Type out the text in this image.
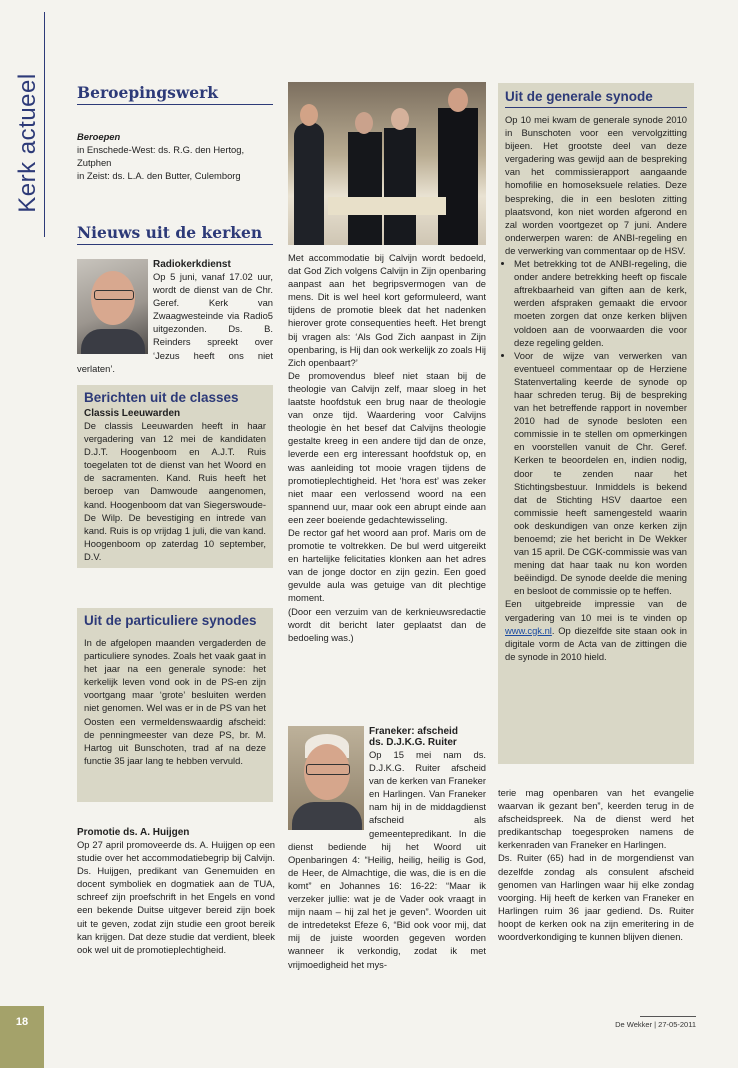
Kerk actueel Beroepingswerk

Beroepen

in Enschede-West: ds. R.G. den Hertog, Zutphen

in Zeist: ds. L.A. den Butter, Culemborg

Nieuws uit de kerken

Radiokerkdienst

Op 5 juni, vanaf 17.02 uur, wordt de dienst van de Chr. Geref. Kerk van Zwaagwesteinde via Radio5 uitgezonden. Ds. B. Reinders spreekt over ‘Jezus heeft ons niet verlaten’.

Berichten uit de classes

Classis Leeuwarden

De classis Leeuwarden heeft in haar vergadering van 12 mei de kandidaten D.J.T. Hoogenboom en A.J.T. Ruis toegelaten tot de dienst van het Woord en de sacramenten. Kand. Ruis heeft het beroep van Damwoude aangenomen, kand. Hoogenboom dat van Siegerswoude-De Wilp. De bevestiging en intrede van kand. Ruis is op vrijdag 1 juli, die van kand. Hoogenboom op zaterdag 10 september, D.V.

Uit de particuliere synodes

In de afgelopen maanden vergaderden de particuliere synodes. Zoals het vaak gaat in het jaar na een generale synode: het kerkelijk leven vond ook in de PS-en zijn voortgang maar ‘grote’ besluiten werden niet genomen. Wel was er in de PS van het Oosten een vermeldenswaardig afscheid: de penningmeester van deze PS, br. M. Hartog uit Bunschoten, trad af na deze functie 35 jaar lang te hebben vervuld.

Promotie ds. A. Huijgen

Op 27 april promoveerde ds. A. Huijgen op een studie over het accommodatiebegrip bij Calvijn. Ds. Huijgen, predikant van Genemuiden en docent symboliek en dogmatiek aan de TUA, schreef zijn proefschrift in het Engels en vond een bekende Duitse uitgever bereid zijn boek uit te geven, zodat zijn studie een groot bereik kan krijgen. Dat deze studie dat verdient, bleek ook wel uit de promotieplechtigheid.

Met accommodatie bij Calvijn wordt bedoeld, dat God Zich volgens Calvijn in Zijn openbaring aanpast aan het begripsvermogen van de mens. Dit is wel heel kort geformuleerd, want tijdens de promotie bleek dat het nadenken hierover grote consequenties heeft. Het brengt bij vragen als: ‘Als God Zich aanpast in Zijn openbaring, is Hij dan ook werkelijk zo zoals Hij Zich openbaart?’

De promovendus bleef niet staan bij de theologie van Calvijn zelf, maar sloeg in het laatste hoofdstuk een brug naar de theologie van onze tijd. Waardering voor Calvijns theologie èn het besef dat Calvijns theologie gestalte kreeg in een andere tijd dan de onze, leverde een erg interessant hoofdstuk op, en was aanleiding tot mooie vragen tijdens de promotieplechtigheid. Het ‘hora est’ was zeker niet maar een verlossend woord na een spannend uur, maar ook een abrupt einde aan een zeer boeiende gedachtewisseling.

De rector gaf het woord aan prof. Maris om de promotie te voltrekken. De bul werd uitgereikt en hartelijke felicitaties klonken aan het adres van de jonge doctor en zijn gezin. Een goed gevulde aula was getuige van dit plechtige moment.

(Door een verzuim van de kerknieuwsredactie wordt dit bericht later geplaatst dan de bedoeling was.)

Franeker: afscheid

ds. D.J.K.G. Ruiter

Op 15 mei nam ds. D.J.K.G. Ruiter afscheid van de kerken van Franeker en Harlingen. Van Franeker nam hij in de middagdienst afscheid als gemeentepredikant. In die dienst bediende hij het Woord uit Openbaringen 4: “Heilig, heilig, heilig is God, de Heer, de Almachtige, die was, die is en die komt” en Johannes 16: 16-22: “Maar ik verzeker jullie: wat je de Vader ook vraagt in mijn naam – hij zal het je geven”. Woorden uit de intredetekst Efeze 6, “Bid ook voor mij, dat mij de juiste woorden gegeven worden wanneer ik verkondig, zodat ik met vrijmoedigheid het mys-

Uit de generale synode

Op 10 mei kwam de generale synode 2010 in Bunschoten voor een vervolgzitting bijeen. Het grootste deel van deze vergadering was gewijd aan de bespreking van het commissierapport aangaande homofilie en homoseksuele relaties. Deze bespreking, die in een besloten zitting plaatsvond, kon niet worden afgerond en zal worden voortgezet op 7 juni. Andere onderwerpen waren: de ANBI-regeling en de verwerking van commentaar op de HSV.

• Met betrekking tot de ANBI-regeling, die onder andere betrekking heeft op fiscale aftrekbaarheid van giften aan de kerk, werden afspraken gemaakt die ervoor moeten zorgen dat onze kerken blijven voldoen aan de voorwaarden die voor deze regeling gelden.
• Voor de wijze van verwerken van eventueel commentaar op de Herziene Statenvertaling keerde de synode op haar schreden terug. Bij de bespreking van het betreffende rapport in november 2010 had de synode besloten een commissie in te stellen om opmerkingen en voorstellen vanuit de Chr. Geref. Kerken te beoordelen en, indien nodig, door te zenden naar het Stichtingsbestuur. Inmiddels is bekend dat de Stichting HSV daartoe een commissie heeft samengesteld waarin ook deskundigen van onze kerken zijn benoemd; zie het bericht in De Wekker van 15 april. De CGK-commissie was van mening dat haar taak nu kon worden beëindigd. De synode deelde die mening en besloot de commissie op te heffen.

Een uitgebreide impressie van de vergadering van 10 mei is te vinden op www.cgk.nl. Op diezelfde site staan ook in digitale vorm de Acta van de zittingen die de synode in 2010 hield.

terie mag openbaren van het evangelie waarvan ik gezant ben”, keerden terug in de afscheidspreek. Na de dienst werd het predikantschap toegesproken namens de kerkenraden van Franeker en Harlingen.

Ds. Ruiter (65) had in de morgendienst van dezelfde zondag als consulent afscheid genomen van Harlingen waar hij elke zondag voorging. Hij heeft de kerken van Franeker en Harlingen ruim 36 jaar gediend. Ds. Ruiter hoopt de kerken ook na zijn emeritering in de woordverkondiging te kunnen blijven dienen.

18	De Wekker | 27-05-2011
